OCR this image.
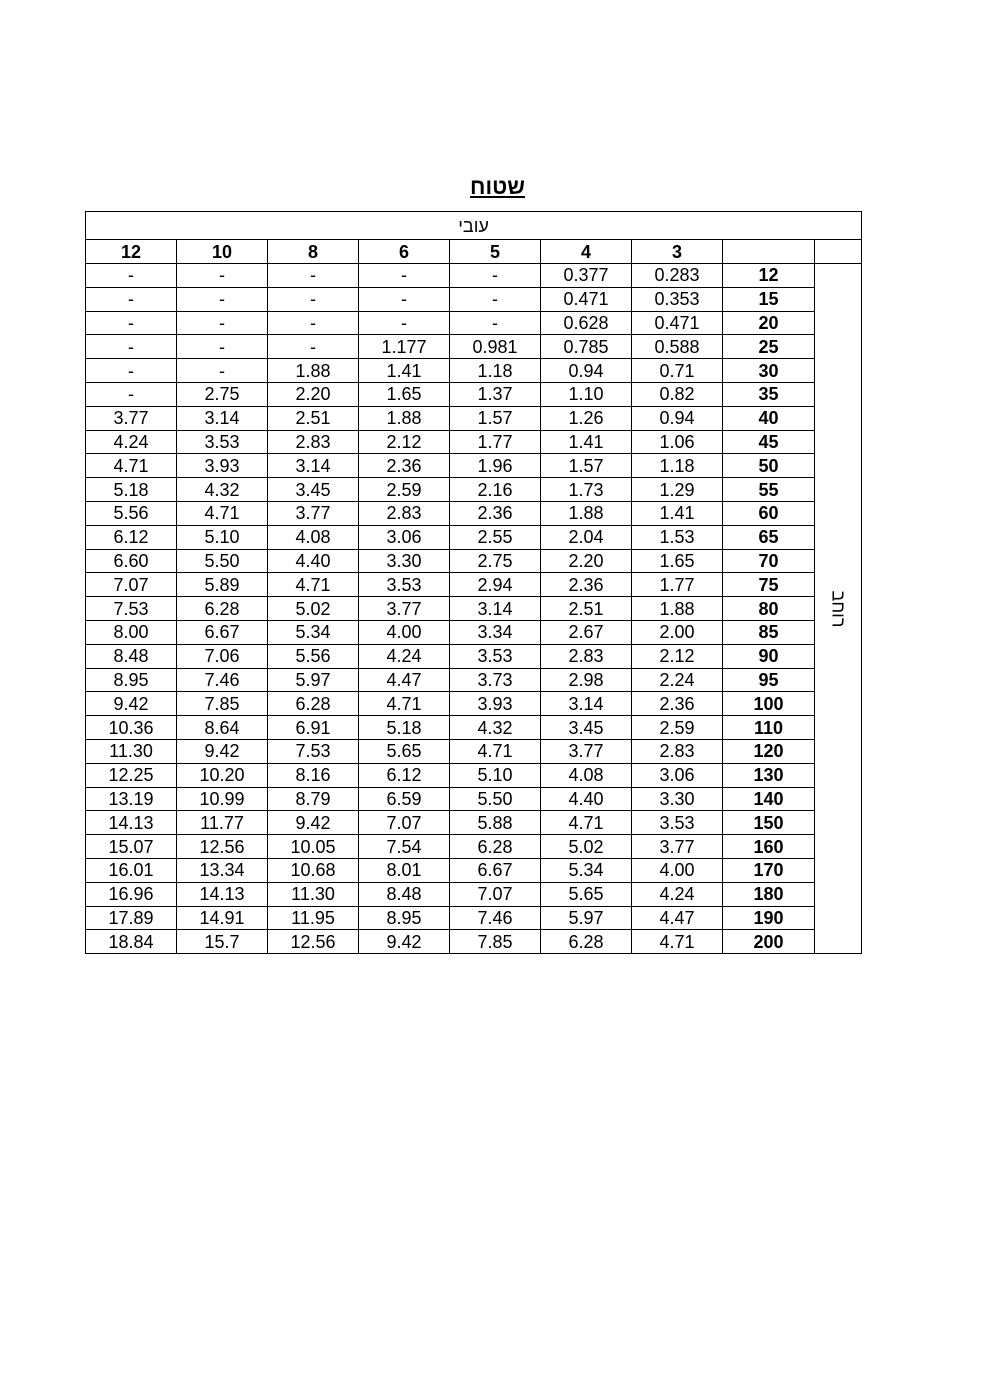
שטוח
עובי								
12	10	8	6	5	4	3		
-	-	-	-	-	0.377	0.283	12	רוחב
-	-	-	-	-	0.471	0.353	15	
-	-	-	-	-	0.628	0.471	20	
-	-	-	1.177	0.981	0.785	0.588	25	
-	-	1.88	1.41	1.18	0.94	0.71	30	
-	2.75	2.20	1.65	1.37	1.10	0.82	35	
3.77	3.14	2.51	1.88	1.57	1.26	0.94	40	
4.24	3.53	2.83	2.12	1.77	1.41	1.06	45	
4.71	3.93	3.14	2.36	1.96	1.57	1.18	50	
5.18	4.32	3.45	2.59	2.16	1.73	1.29	55	
5.56	4.71	3.77	2.83	2.36	1.88	1.41	60	
6.12	5.10	4.08	3.06	2.55	2.04	1.53	65	
6.60	5.50	4.40	3.30	2.75	2.20	1.65	70	
7.07	5.89	4.71	3.53	2.94	2.36	1.77	75	
7.53	6.28	5.02	3.77	3.14	2.51	1.88	80	
8.00	6.67	5.34	4.00	3.34	2.67	2.00	85	
8.48	7.06	5.56	4.24	3.53	2.83	2.12	90	
8.95	7.46	5.97	4.47	3.73	2.98	2.24	95	
9.42	7.85	6.28	4.71	3.93	3.14	2.36	100	
10.36	8.64	6.91	5.18	4.32	3.45	2.59	110	
11.30	9.42	7.53	5.65	4.71	3.77	2.83	120	
12.25	10.20	8.16	6.12	5.10	4.08	3.06	130	
13.19	10.99	8.79	6.59	5.50	4.40	3.30	140	
14.13	11.77	9.42	7.07	5.88	4.71	3.53	150	
15.07	12.56	10.05	7.54	6.28	5.02	3.77	160	
16.01	13.34	10.68	8.01	6.67	5.34	4.00	170	
16.96	14.13	11.30	8.48	7.07	5.65	4.24	180	
17.89	14.91	11.95	8.95	7.46	5.97	4.47	190	
18.84	15.7	12.56	9.42	7.85	6.28	4.71	200	
